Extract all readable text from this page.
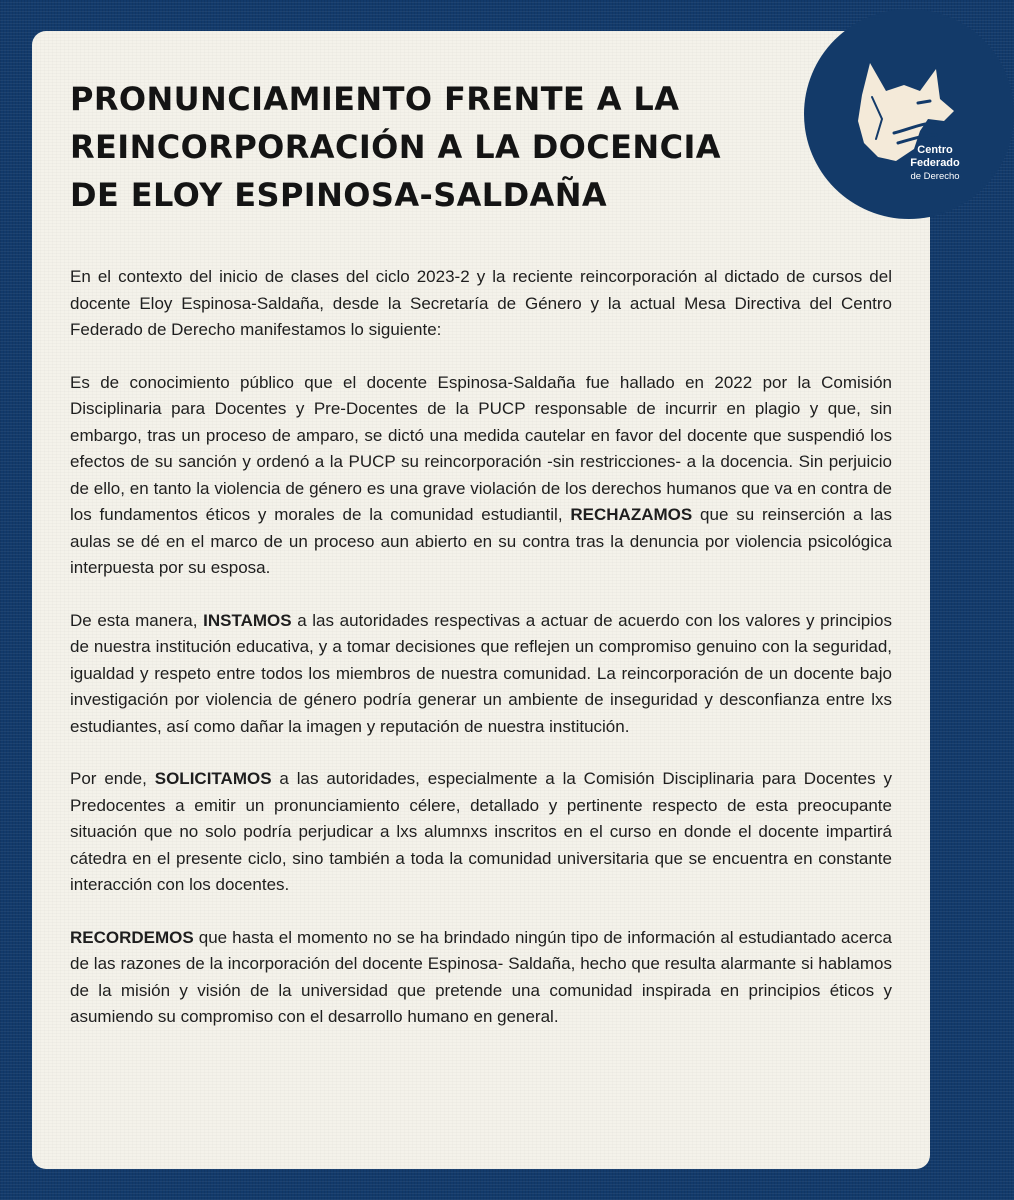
Centro
Federado
de Derecho
PRONUNCIAMIENTO FRENTE A LA
REINCORPORACIÓN A LA DOCENCIA
DE ELOY ESPINOSA-SALDAÑA

En el contexto del inicio de clases del ciclo 2023-2 y la reciente reincorporación al dictado de cursos del docente Eloy Espinosa-Saldaña, desde la Secretaría de Género y la actual Mesa Directiva del Centro Federado de Derecho manifestamos lo siguiente:

Es de conocimiento público que el docente Espinosa-Saldaña fue hallado en 2022 por la Comisión Disciplinaria para Docentes y Pre-Docentes de la PUCP responsable de incurrir en plagio y que, sin embargo, tras un proceso de amparo, se dictó una medida cautelar en favor del docente que suspendió los efectos de su sanción y ordenó a la PUCP su reincorporación -sin restricciones- a la docencia. Sin perjuicio de ello, en tanto la violencia de género es una grave violación de los derechos humanos que va en contra de los fundamentos éticos y morales de la comunidad estudiantil, RECHAZAMOS que su reinserción a las aulas se dé en el marco de un proceso aun abierto en su contra tras la denuncia por violencia psicológica interpuesta por su esposa.

De esta manera, INSTAMOS a las autoridades respectivas a actuar de acuerdo con los valores y principios de nuestra institución educativa, y a tomar decisiones que reflejen un compromiso genuino con la seguridad, igualdad y respeto entre todos los miembros de nuestra comunidad. La reincorporación de un docente bajo investigación por violencia de género podría generar un ambiente de inseguridad y desconfianza entre lxs estudiantes, así como dañar la imagen y reputación de nuestra institución.

Por ende, SOLICITAMOS a las autoridades, especialmente a la Comisión Disciplinaria para Docentes y Predocentes a emitir un pronunciamiento célere, detallado y pertinente respecto de esta preocupante situación que no solo podría perjudicar a lxs alumnxs inscritos en el curso en donde el docente impartirá cátedra en el presente ciclo, sino también a toda la comunidad universitaria que se encuentra en constante interacción con los docentes.

RECORDEMOS que hasta el momento no se ha brindado ningún tipo de información al estudiantado acerca de las razones de la incorporación del docente Espinosa- Saldaña, hecho que resulta alarmante si hablamos de la misión y visión de la universidad que pretende una comunidad inspirada en principios éticos y asumiendo su compromiso con el desarrollo humano en general.
